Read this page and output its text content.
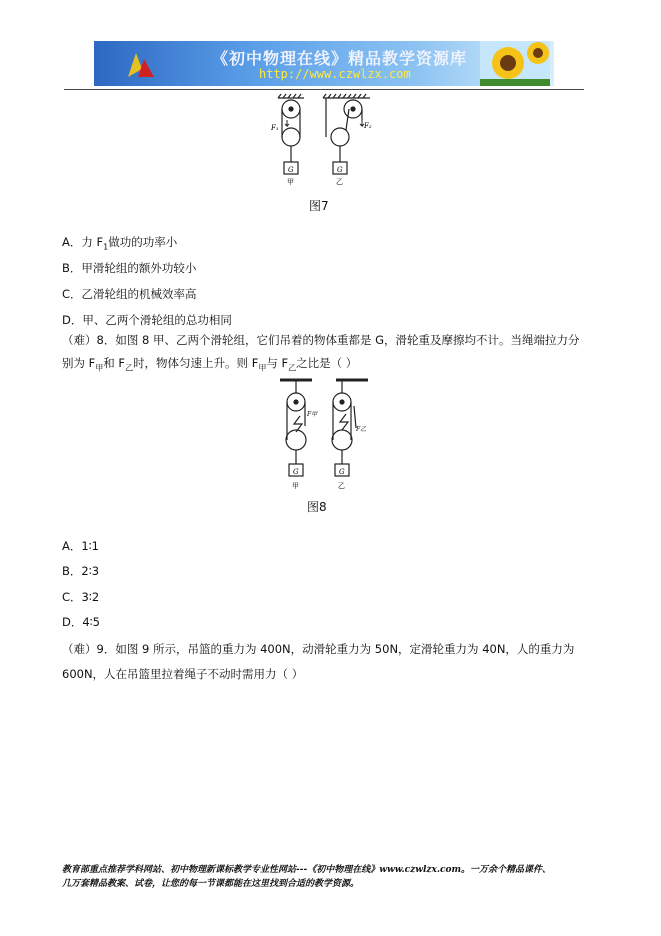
《初中物理在线》精品教学资源库
http://www.czwlzx.com
F₁	F₂
G	G
甲	乙
图7
A．力 $F_1$做功的功率小
B．甲滑轮组的额外功较小
C．乙滑轮组的机械效率高
D．甲、乙两个滑轮组的总功相同
（难）8．如图 8 甲、乙两个滑轮组，它们吊着的物体重都是 G，滑轮重及摩擦均不计。当绳端拉力分
别为 $F_甲$和 $F_乙$时，物体匀速上升。则 $F_甲$与 $F_乙$之比是（ ）
F甲
F乙
G	G
甲	乙
图8
A．1∶1
B．2∶3
C．3∶2
D．4∶5
（难）9．如图 9 所示，吊篮的重力为 400N，动滑轮重力为 50N，定滑轮重力为 40N，人的重力为
600N，人在吊篮里拉着绳子不动时需用力（ ）
教育部重点推荐学科网站、初中物理新课标教学专业性网站---《初中物理在线》www.czwlzx.com。一万余个精品课件、
几万套精品教案、试卷，让您的每一节课都能在这里找到合适的教学资源。
